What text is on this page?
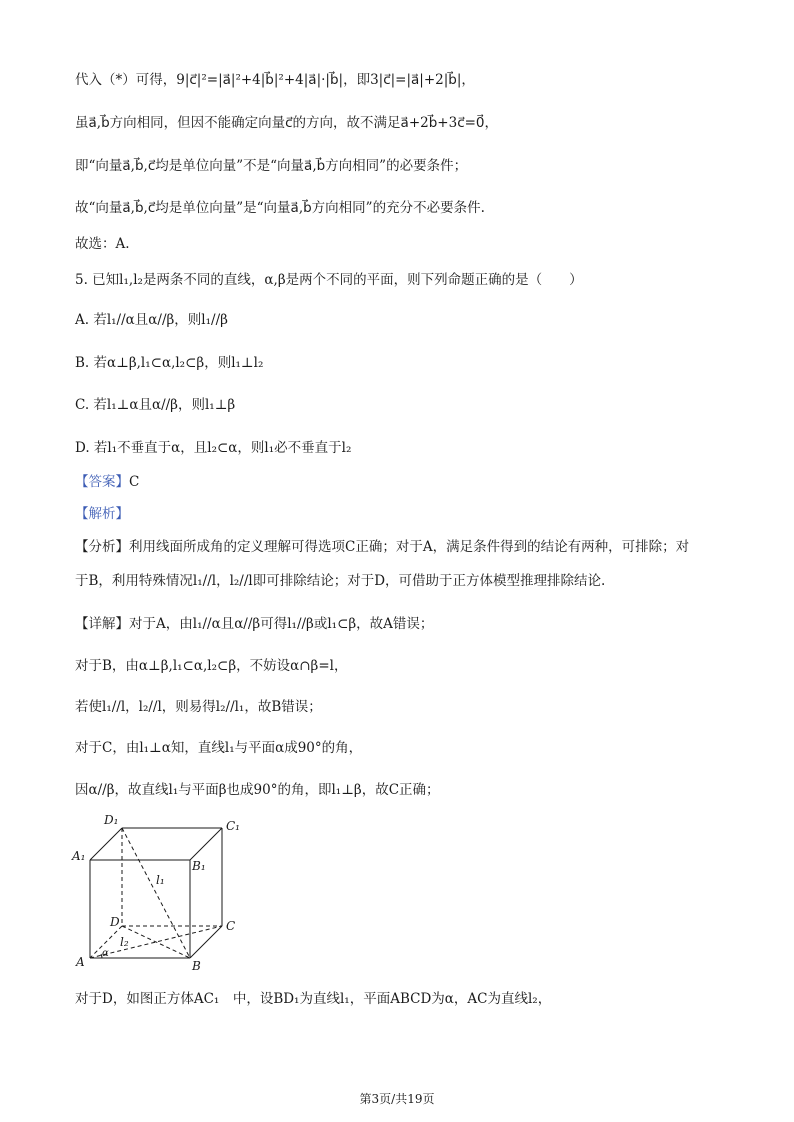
代入（*）可得，9|c⃗|²=|a⃗|²+4|b⃗|²+4|a⃗|·|b⃗|，即3|c⃗|=|a⃗|+2|b⃗|，
虽a⃗,b⃗方向相同，但因不能确定向量c⃗的方向，故不满足a⃗+2b⃗+3c⃗=0⃗，
即“向量a⃗,b⃗,c⃗均是单位向量”不是“向量a⃗,b⃗方向相同”的必要条件；
故“向量a⃗,b⃗,c⃗均是单位向量”是“向量a⃗,b⃗方向相同”的充分不必要条件.
故选：A.
5. 已知l₁,l₂是两条不同的直线，α,β是两个不同的平面，则下列命题正确的是（　　）
A. 若l₁//α且α//β，则l₁//β
B. 若α⊥β,l₁⊂α,l₂⊂β，则l₁⊥l₂
C. 若l₁⊥α且α//β，则l₁⊥β
D. 若l₁不垂直于α，且l₂⊂α，则l₁必不垂直于l₂
【答案】C
【解析】
【分析】利用线面所成角的定义理解可得选项C正确；对于A，满足条件得到的结论有两种，可排除；对
于B，利用特殊情况l₁//l，l₂//l即可排除结论；对于D，可借助于正方体模型推理排除结论.
【详解】对于A，由l₁//α且α//β可得l₁//β或l₁⊂β，故A错误；
对于B，由α⊥β,l₁⊂α,l₂⊂β，不妨设α∩β=l，
若使l₁//l，l₂//l，则易得l₂//l₁，故B错误；
对于C，由l₁⊥α知，直线l₁与平面α成90°的角，
因α//β，故直线l₁与平面β也成90°的角，即l₁⊥β，故C正确；
D₁	C₁
A₁
B₁
l₁
D	C
l₂
α
A	B
对于D，如图正方体AC₁　中，设BD₁为直线l₁，平面ABCD为α，AC为直线l₂，
第3页/共19页
